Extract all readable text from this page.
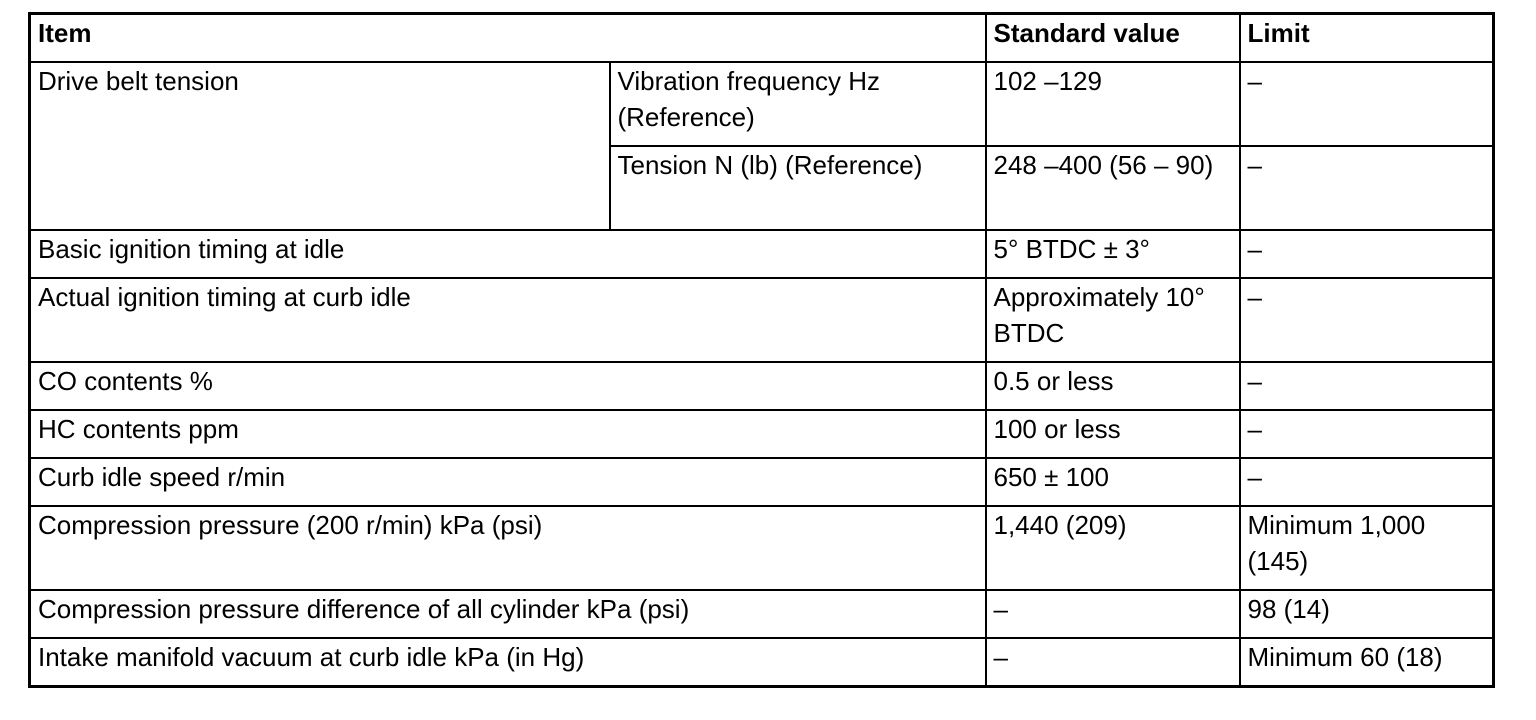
Item		Standard value	Limit
Drive belt tension	Vibration frequency Hz (Reference)	102 –129	–
	Tension N (lb) (Reference)	248 –400 (56 – 90)	–
Basic ignition timing at idle		5° BTDC ± 3°	–
Actual ignition timing at curb idle		Approximately 10° BTDC	–
CO contents %		0.5 or less	–
HC contents ppm		100 or less	–
Curb idle speed r/min		650 ± 100	–
Compression pressure (200 r/min) kPa (psi)		1,440 (209)	Minimum 1,000 (145)
Compression pressure difference of all cylinder kPa (psi)		–	98 (14)
Intake manifold vacuum at curb idle kPa (in Hg)		–	Minimum 60 (18)
